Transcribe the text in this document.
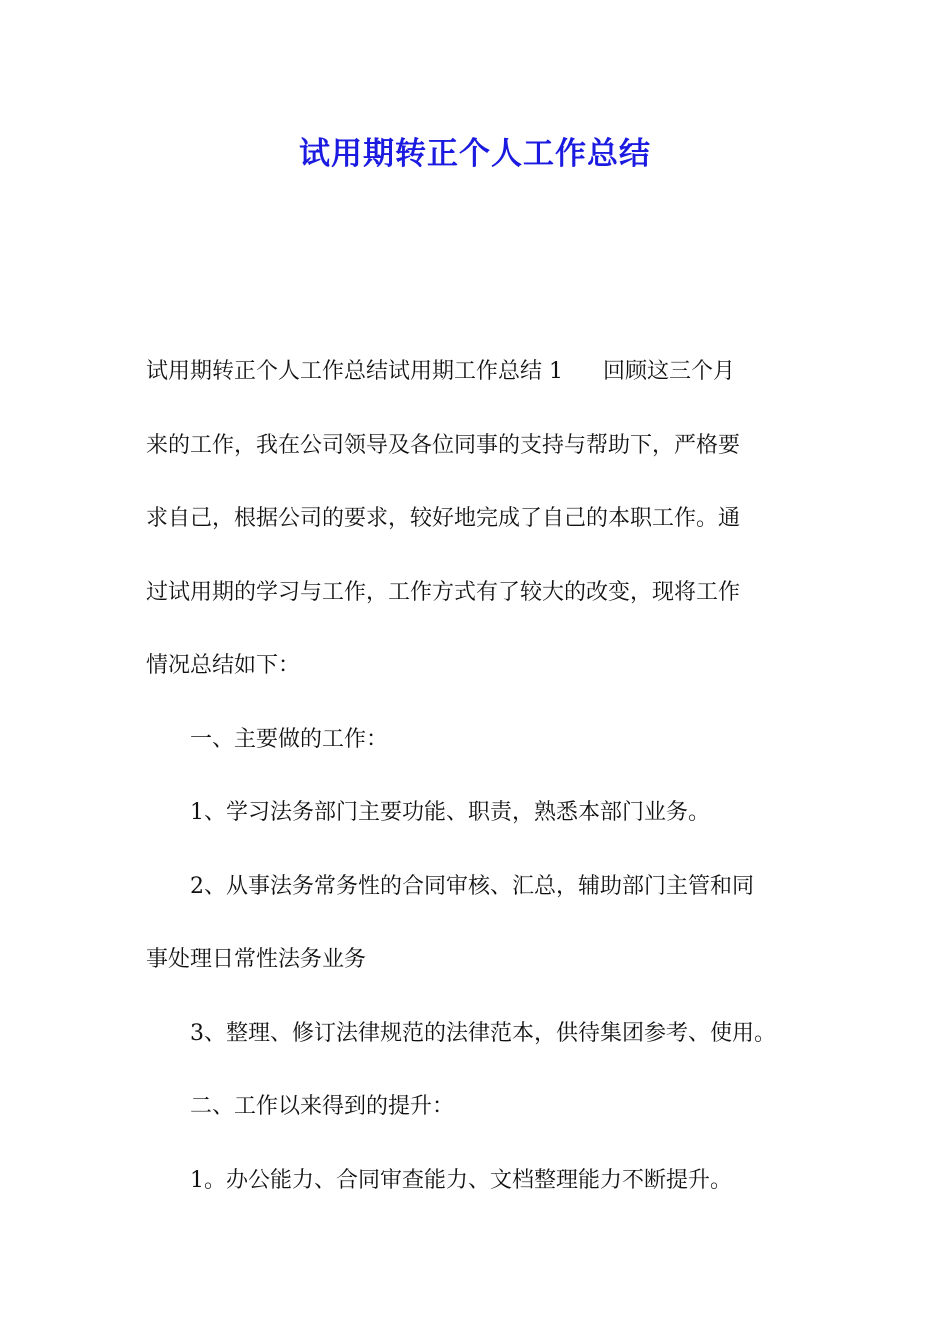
试用期转正个人工作总结
试用期转正个人工作总结试用期工作总结 1 回顾这三个月
来的工作，我在公司领导及各位同事的支持与帮助下，严格要
求自己，根据公司的要求，较好地完成了自己的本职工作。通
过试用期的学习与工作，工作方式有了较大的改变，现将工作
情况总结如下：
一、主要做的工作：
1、学习法务部门主要功能、职责，熟悉本部门业务。
2、从事法务常务性的合同审核、汇总，辅助部门主管和同
事处理日常性法务业务
3、整理、修订法律规范的法律范本，供待集团参考、使用。
二、工作以来得到的提升：
1。办公能力、合同审查能力、文档整理能力不断提升。
